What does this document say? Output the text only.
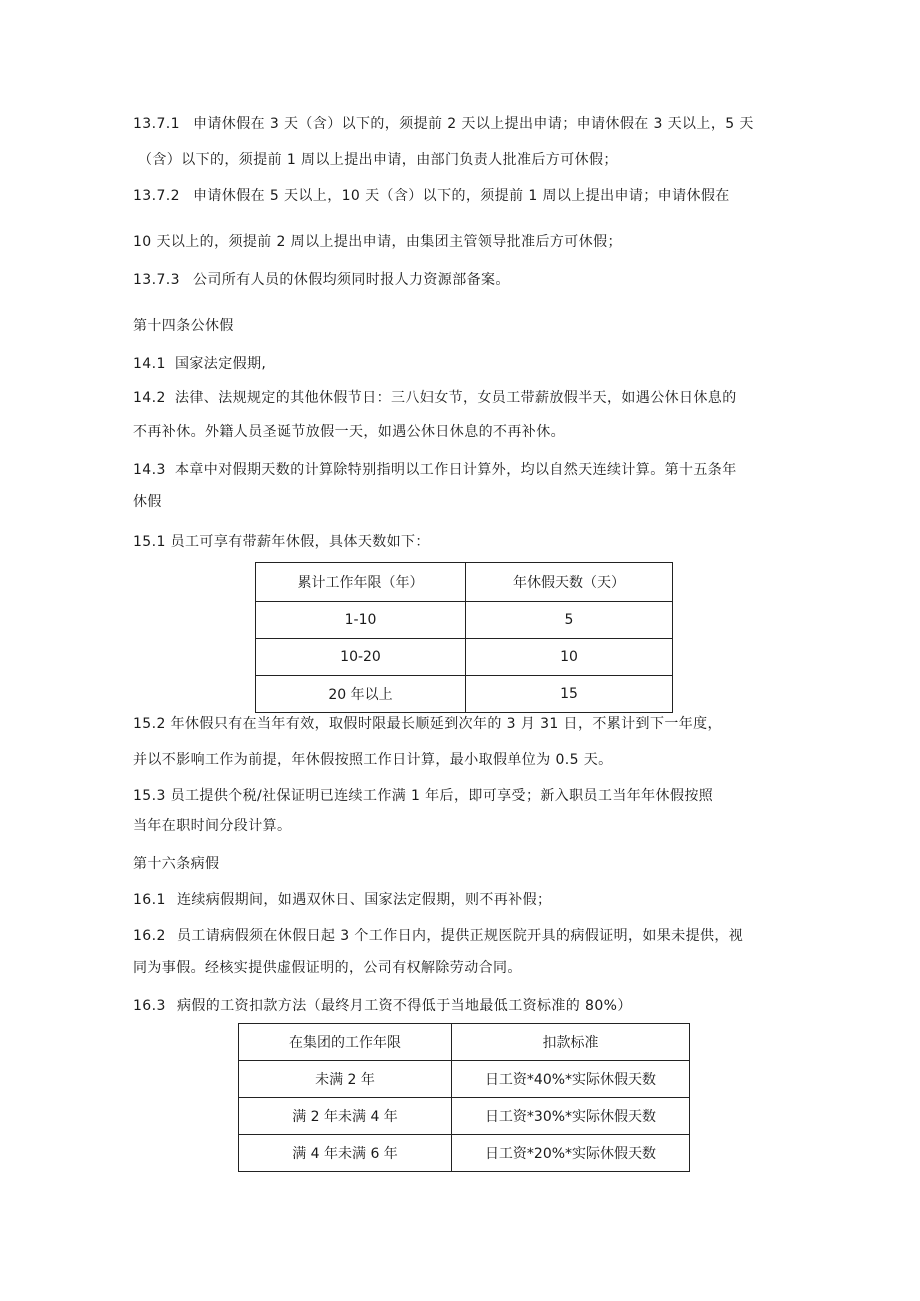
13.7.1 申请休假在 3 天（含）以下的，须提前 2 天以上提出申请；申请休假在 3 天以上，5 天
（含）以下的，须提前 1 周以上提出申请，由部门负责人批准后方可休假；
13.7.2 申请休假在 5 天以上，10 天（含）以下的，须提前 1 周以上提出申请；申请休假在
10 天以上的，须提前 2 周以上提出申请，由集团主管领导批准后方可休假；
13.7.3 公司所有人员的休假均须同时报人力资源部备案。
第十四条公休假
14.1 国家法定假期,
14.2 法律、法规规定的其他休假节日：三八妇女节，女员工带薪放假半天，如遇公休日休息的
不再补休。外籍人员圣诞节放假一天，如遇公休日休息的不再补休。
14.3 本章中对假期天数的计算除特别指明以工作日计算外，均以自然天连续计算。第十五条年
休假
15.1 员工可享有带薪年休假，具体天数如下：
累计工作年限（年）	年休假天数（天）
1-10	5
10-20	10
20 年以上	15
15.2 年休假只有在当年有效，取假时限最长顺延到次年的 3 月 31 日，不累计到下一年度，
并以不影响工作为前提，年休假按照工作日计算，最小取假单位为 0.5 天。
15.3 员工提供个税/社保证明已连续工作满 1 年后，即可享受；新入职员工当年年休假按照
当年在职时间分段计算。
第十六条病假
16.1 连续病假期间，如遇双休日、国家法定假期，则不再补假；
16.2 员工请病假须在休假日起 3 个工作日内，提供正规医院开具的病假证明，如果未提供，视
同为事假。经核实提供虚假证明的，公司有权解除劳动合同。
16.3 病假的工资扣款方法（最终月工资不得低于当地最低工资标准的 80%）
在集团的工作年限	扣款标准
未满 2 年	日工资*40%*实际休假天数
满 2 年未满 4 年	日工资*30%*实际休假天数
满 4 年未满 6 年	日工资*20%*实际休假天数
